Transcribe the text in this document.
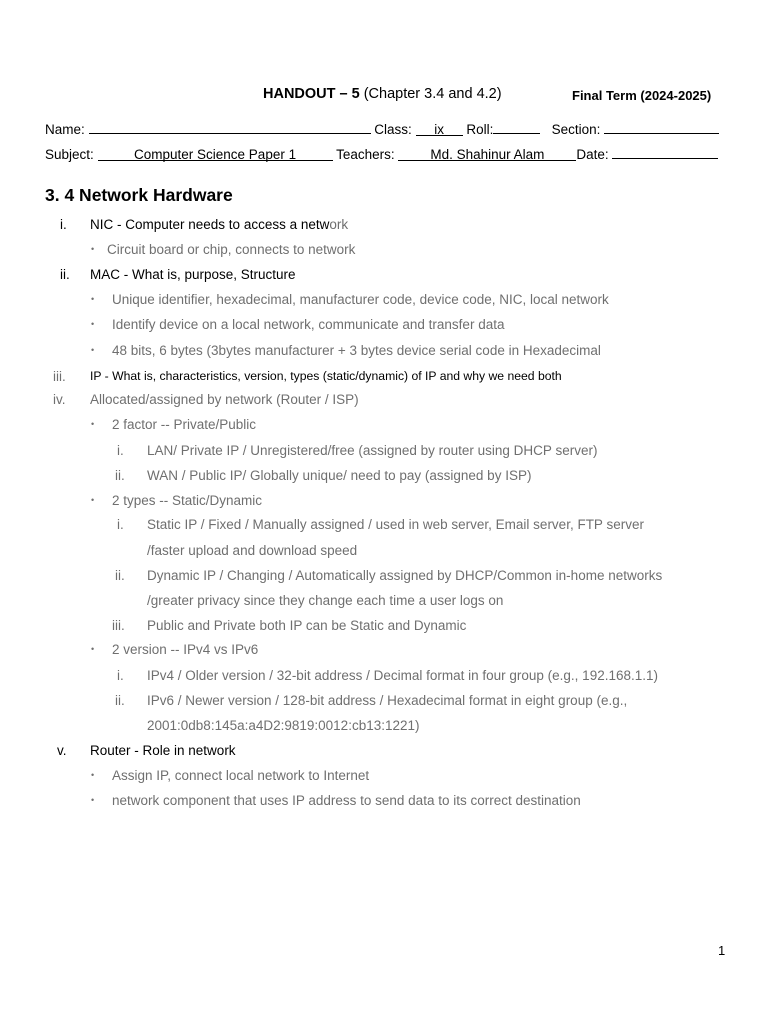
HANDOUT – 5 (Chapter 3.4 and 4.2)	Final Term (2024-2025)
Name:	Class: ix Roll:	Section:
Subject:	Computer Science Paper 1	Teachers:	Md. Shahinur Alam Date:
3. 4 Network Hardware
i. NIC - Computer needs to access a network
• Circuit board or chip, connects to network
ii. MAC - What is, purpose, Structure
• Unique identifier, hexadecimal, manufacturer code, device code, NIC, local network
• Identify device on a local network, communicate and transfer data
• 48 bits, 6 bytes (3bytes manufacturer + 3 bytes device serial code in Hexadecimal
iii. IP - What is, characteristics, version, types (static/dynamic) of IP and why we need both
iv. Allocated/assigned by network (Router / ISP)
• 2 factor -- Private/Public
i. LAN/ Private IP / Unregistered/free (assigned by router using DHCP server)
ii. WAN / Public IP/ Globally unique/ need to pay (assigned by ISP)
• 2 types -- Static/Dynamic
i. Static IP / Fixed / Manually assigned / used in web server, Email server, FTP server
/faster upload and download speed
ii. Dynamic IP / Changing / Automatically assigned by DHCP/Common in-home networks
/greater privacy since they change each time a user logs on
iii. Public and Private both IP can be Static and Dynamic
• 2 version -- IPv4 vs IPv6
i. IPv4 / Older version / 32-bit address / Decimal format in four group (e.g., 192.168.1.1)
ii. IPv6 / Newer version / 128-bit address / Hexadecimal format in eight group (e.g.,
2001:0db8:145a:a4D2:9819:0012:cb13:1221)
v. Router - Role in network
• Assign IP, connect local network to Internet
• network component that uses IP address to send data to its correct destination
1
